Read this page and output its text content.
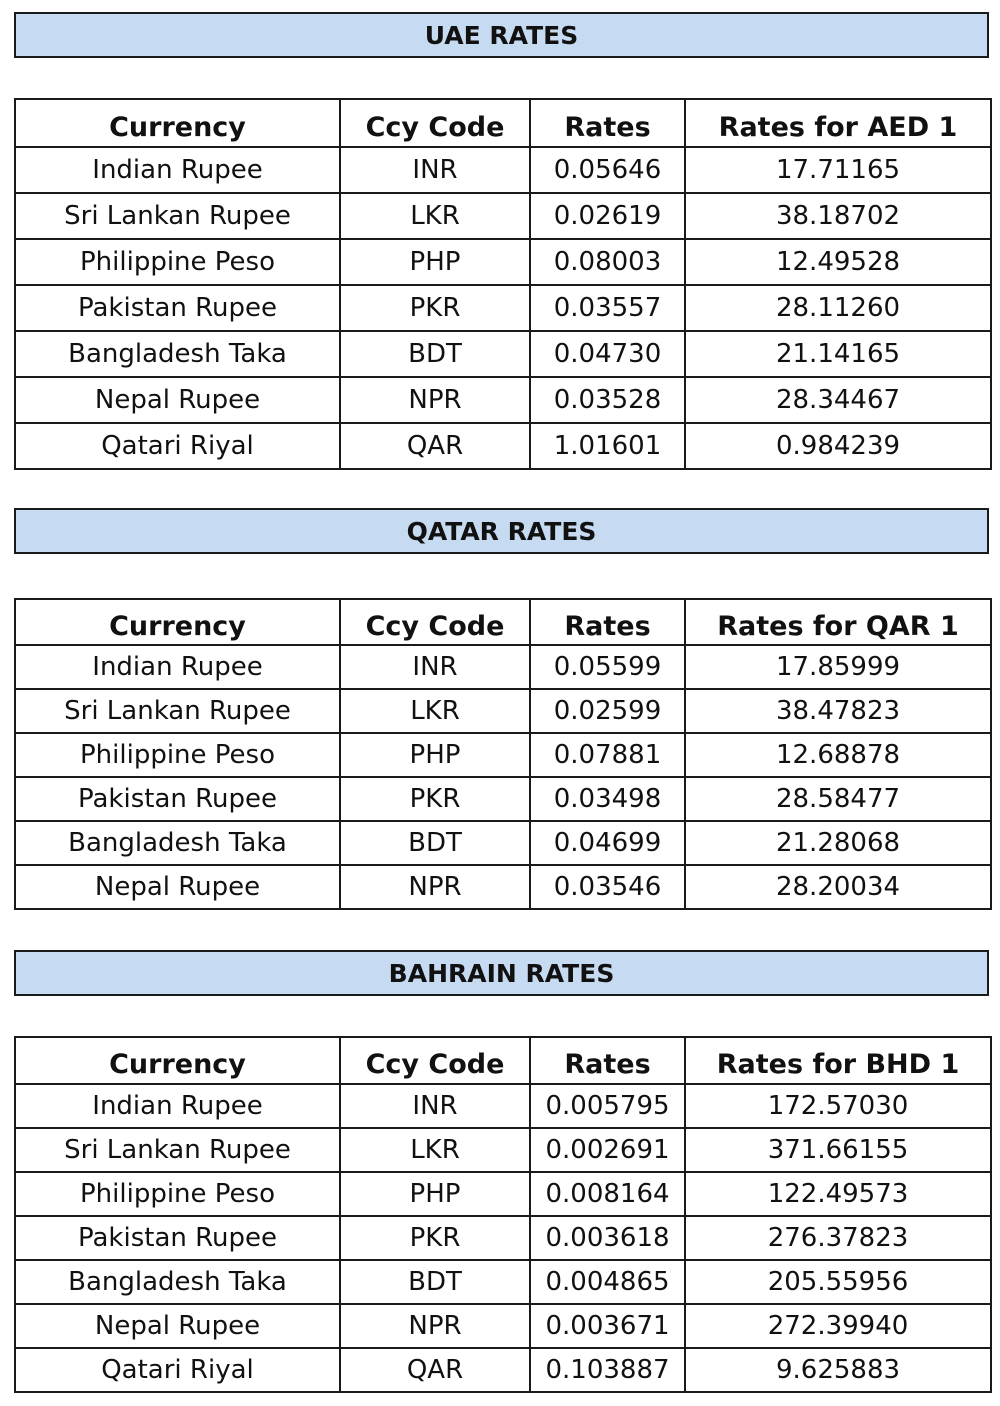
UAE RATES
Currency	Ccy Code	Rates	Rates for AED 1
Indian Rupee	INR	0.05646	17.71165
Sri Lankan Rupee	LKR	0.02619	38.18702
Philippine Peso	PHP	0.08003	12.49528
Pakistan Rupee	PKR	0.03557	28.11260
Bangladesh Taka	BDT	0.04730	21.14165
Nepal Rupee	NPR	0.03528	28.34467
Qatari Riyal	QAR	1.01601	0.984239
QATAR RATES
Currency	Ccy Code	Rates	Rates for QAR 1
Indian Rupee	INR	0.05599	17.85999
Sri Lankan Rupee	LKR	0.02599	38.47823
Philippine Peso	PHP	0.07881	12.68878
Pakistan Rupee	PKR	0.03498	28.58477
Bangladesh Taka	BDT	0.04699	21.28068
Nepal Rupee	NPR	0.03546	28.20034
BAHRAIN RATES
Currency	Ccy Code	Rates	Rates for BHD 1
Indian Rupee	INR	0.005795	172.57030
Sri Lankan Rupee	LKR	0.002691	371.66155
Philippine Peso	PHP	0.008164	122.49573
Pakistan Rupee	PKR	0.003618	276.37823
Bangladesh Taka	BDT	0.004865	205.55956
Nepal Rupee	NPR	0.003671	272.39940
Qatari Riyal	QAR	0.103887	9.625883
